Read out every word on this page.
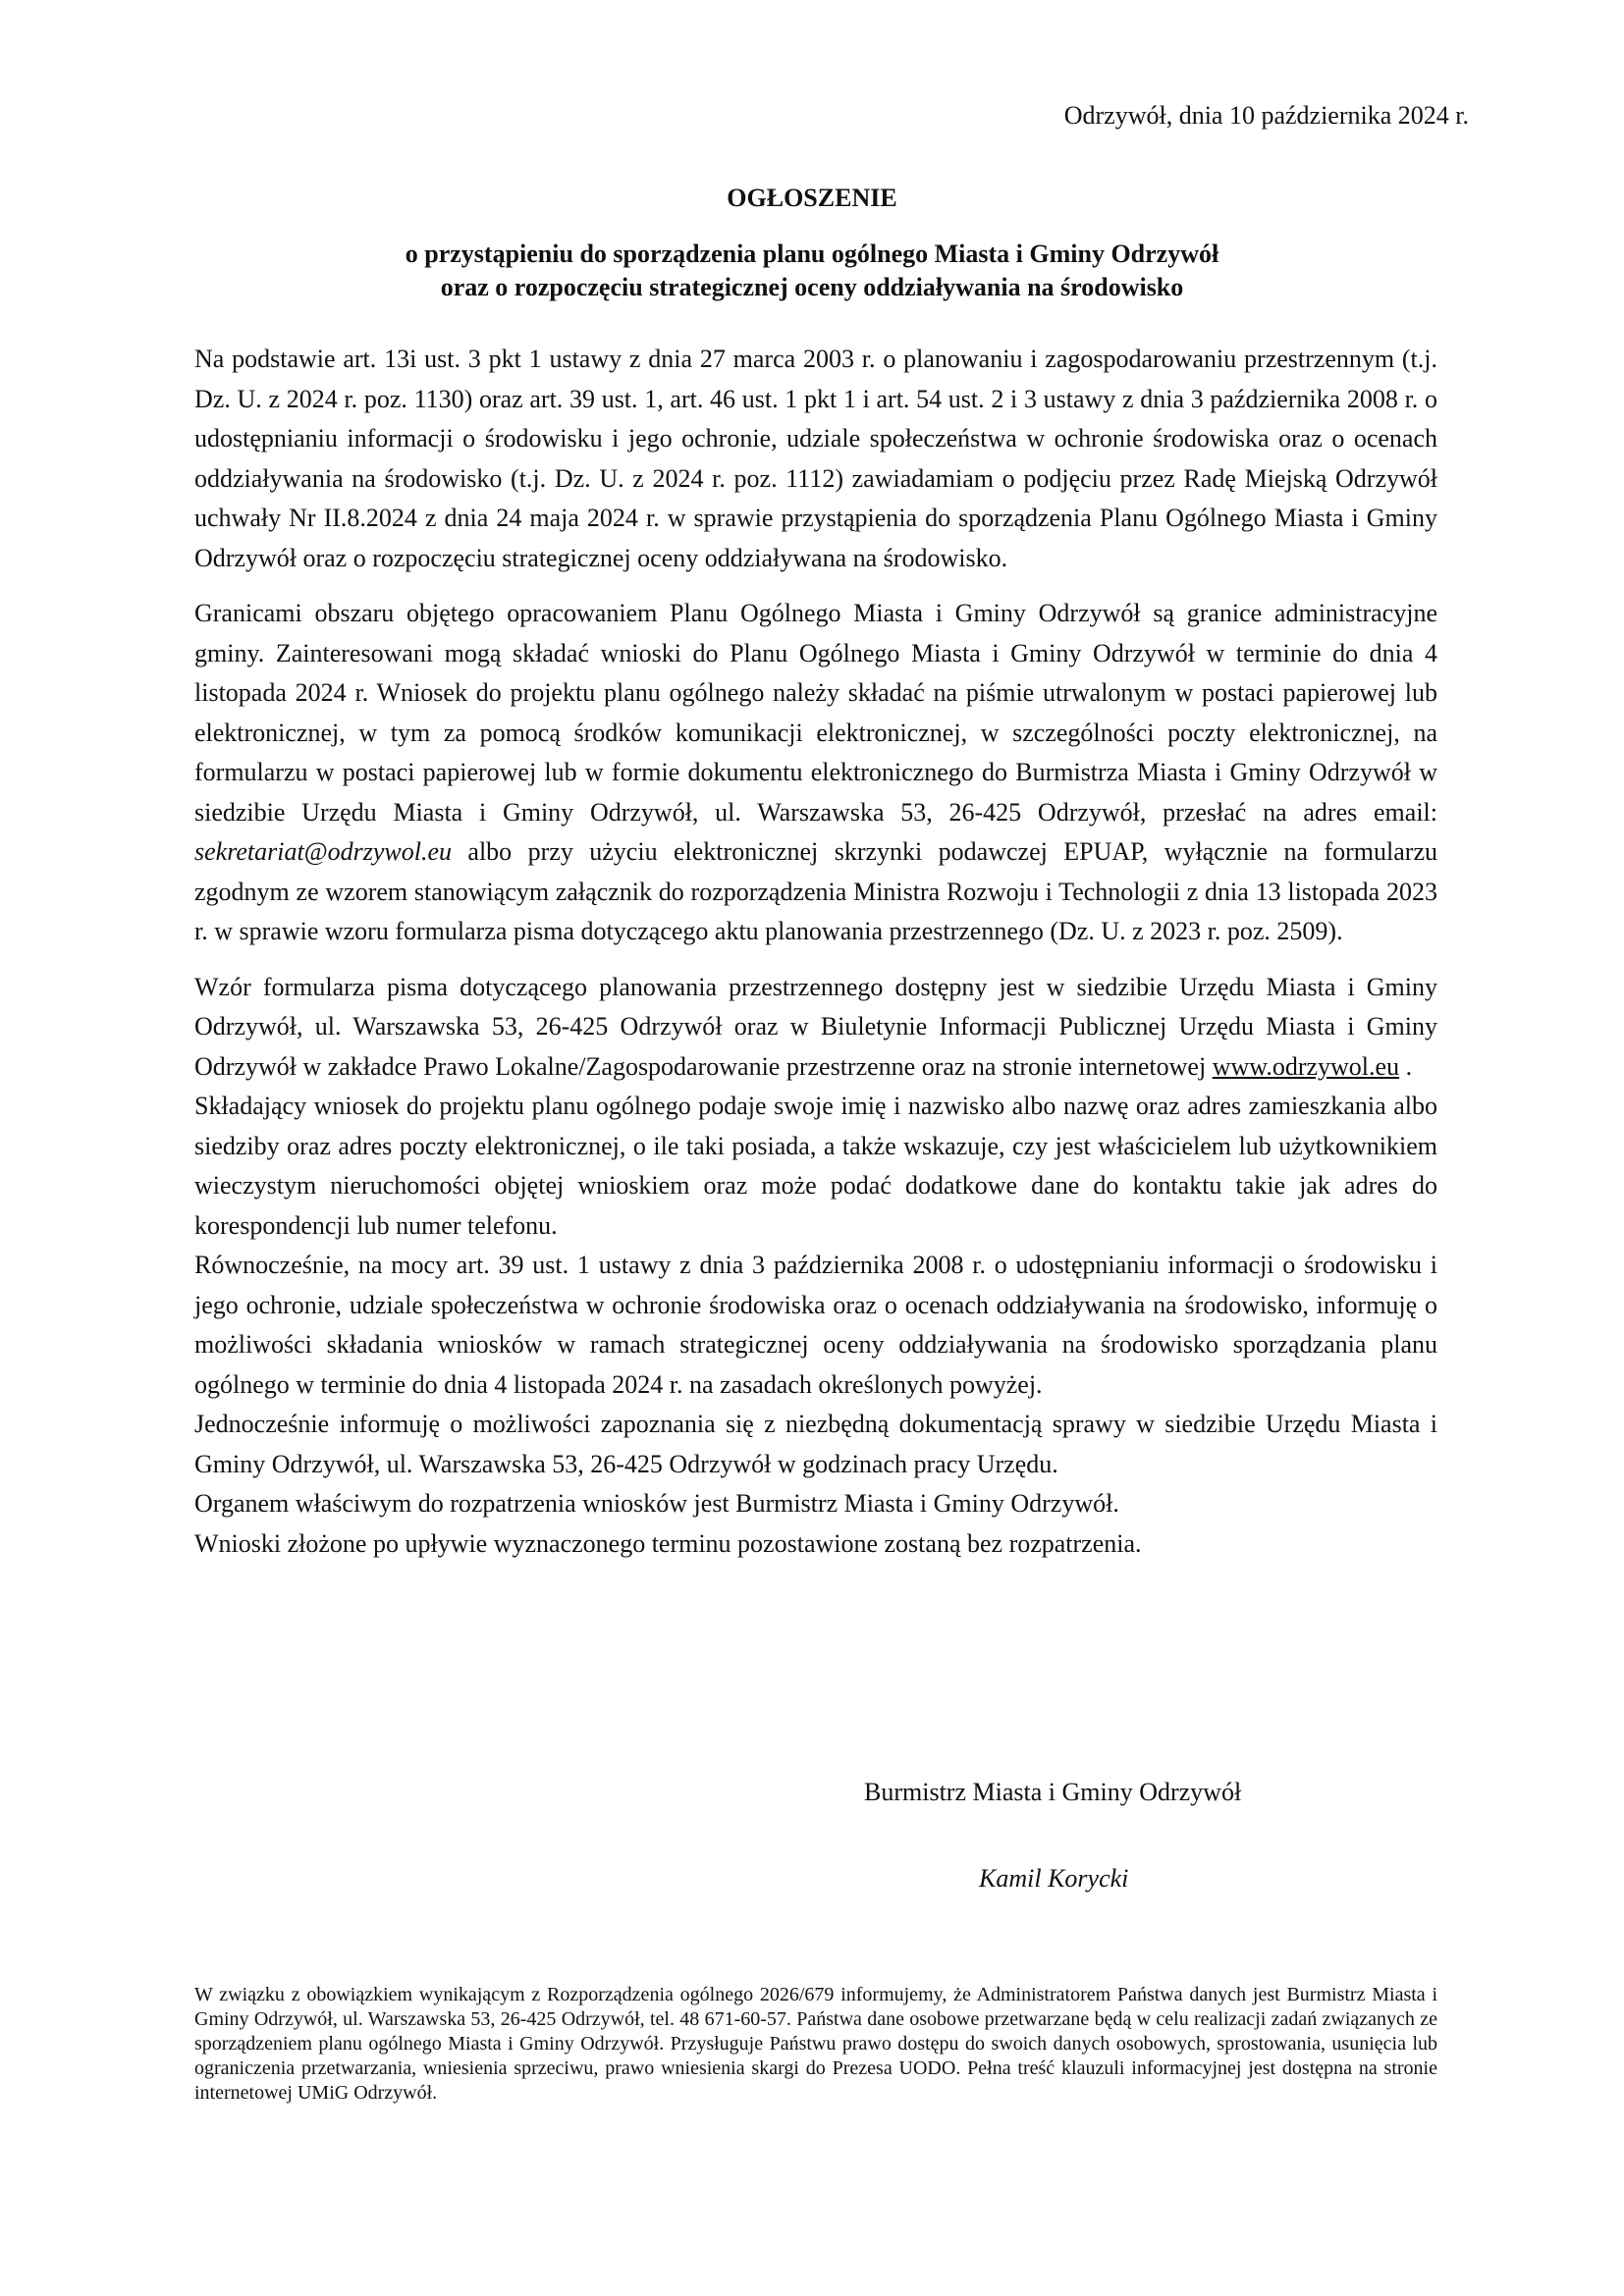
Odrzywół, dnia 10 października 2024 r.
OGŁOSZENIE
o przystąpieniu do sporządzenia planu ogólnego Miasta i Gminy Odrzywół
oraz o rozpoczęciu strategicznej oceny oddziaływania na środowisko

Na podstawie art. 13i ust. 3 pkt 1 ustawy z dnia 27 marca 2003 r. o planowaniu i zagospodarowaniu przestrzennym (t.j. Dz. U. z 2024 r. poz. 1130) oraz art. 39 ust. 1, art. 46 ust. 1 pkt 1 i art. 54 ust. 2 i 3 ustawy z dnia 3 października 2008 r. o udostępnianiu informacji o środowisku i jego ochronie, udziale społeczeństwa w ochronie środowiska oraz o ocenach oddziaływania na środowisko (t.j. Dz. U. z 2024 r. poz. 1112) zawiadamiam o podjęciu przez Radę Miejską Odrzywół uchwały Nr II.8.2024 z dnia 24 maja 2024 r. w sprawie przystąpienia do sporządzenia Planu Ogólnego Miasta i Gminy Odrzywół oraz o rozpoczęciu strategicznej oceny oddziaływana na środowisko.

Granicami obszaru objętego opracowaniem Planu Ogólnego Miasta i Gminy Odrzywół są granice administracyjne gminy. Zainteresowani mogą składać wnioski do Planu Ogólnego Miasta i Gminy Odrzywół w terminie do dnia 4 listopada 2024 r. Wniosek do projektu planu ogólnego należy składać na piśmie utrwalonym w postaci papierowej lub elektronicznej, w tym za pomocą środków komunikacji elektronicznej, w szczególności poczty elektronicznej, na formularzu w postaci papierowej lub w formie dokumentu elektronicznego do Burmistrza Miasta i Gminy Odrzywół w siedzibie Urzędu Miasta i Gminy Odrzywół, ul. Warszawska 53, 26-425 Odrzywół, przesłać na adres email: sekretariat@odrzywol.eu albo przy użyciu elektronicznej skrzynki podawczej EPUAP, wyłącznie na formularzu zgodnym ze wzorem stanowiącym załącznik do rozporządzenia Ministra Rozwoju i Technologii z dnia 13 listopada 2023 r. w sprawie wzoru formularza pisma dotyczącego aktu planowania przestrzennego (Dz. U. z 2023 r. poz. 2509).

Wzór formularza pisma dotyczącego planowania przestrzennego dostępny jest w siedzibie Urzędu Miasta i Gminy Odrzywół, ul. Warszawska 53, 26-425 Odrzywół oraz w Biuletynie Informacji Publicznej Urzędu Miasta i Gminy Odrzywół w zakładce Prawo Lokalne/Zagospodarowanie przestrzenne oraz na stronie internetowej www.odrzywol.eu .

Składający wniosek do projektu planu ogólnego podaje swoje imię i nazwisko albo nazwę oraz adres zamieszkania albo siedziby oraz adres poczty elektronicznej, o ile taki posiada, a także wskazuje, czy jest właścicielem lub użytkownikiem wieczystym nieruchomości objętej wnioskiem oraz może podać dodatkowe dane do kontaktu takie jak adres do korespondencji lub numer telefonu.

Równocześnie, na mocy art. 39 ust. 1 ustawy z dnia 3 października 2008 r. o udostępnianiu informacji o środowisku i jego ochronie, udziale społeczeństwa w ochronie środowiska oraz o ocenach oddziaływania na środowisko, informuję o możliwości składania wniosków w ramach strategicznej oceny oddziaływania na środowisko sporządzania planu ogólnego w terminie do dnia 4 listopada 2024 r. na zasadach określonych powyżej.

Jednocześnie informuję o możliwości zapoznania się z niezbędną dokumentacją sprawy w siedzibie Urzędu Miasta i Gminy Odrzywół, ul. Warszawska 53, 26-425 Odrzywół w godzinach pracy Urzędu.

Organem właściwym do rozpatrzenia wniosków jest Burmistrz Miasta i Gminy Odrzywół.

Wnioski złożone po upływie wyznaczonego terminu pozostawione zostaną bez rozpatrzenia.

Burmistrz Miasta i Gminy Odrzywół
Kamil Korycki
W związku z obowiązkiem wynikającym z Rozporządzenia ogólnego 2026/679 informujemy, że Administratorem Państwa danych jest Burmistrz Miasta i Gminy Odrzywół, ul. Warszawska 53, 26-425 Odrzywół, tel. 48 671-60-57. Państwa dane osobowe przetwarzane będą w celu realizacji zadań związanych ze sporządzeniem planu ogólnego Miasta i Gminy Odrzywół. Przysługuje Państwu prawo dostępu do swoich danych osobowych, sprostowania, usunięcia lub ograniczenia przetwarzania, wniesienia sprzeciwu, prawo wniesienia skargi do Prezesa UODO. Pełna treść klauzuli informacyjnej jest dostępna na stronie internetowej UMiG Odrzywół.
